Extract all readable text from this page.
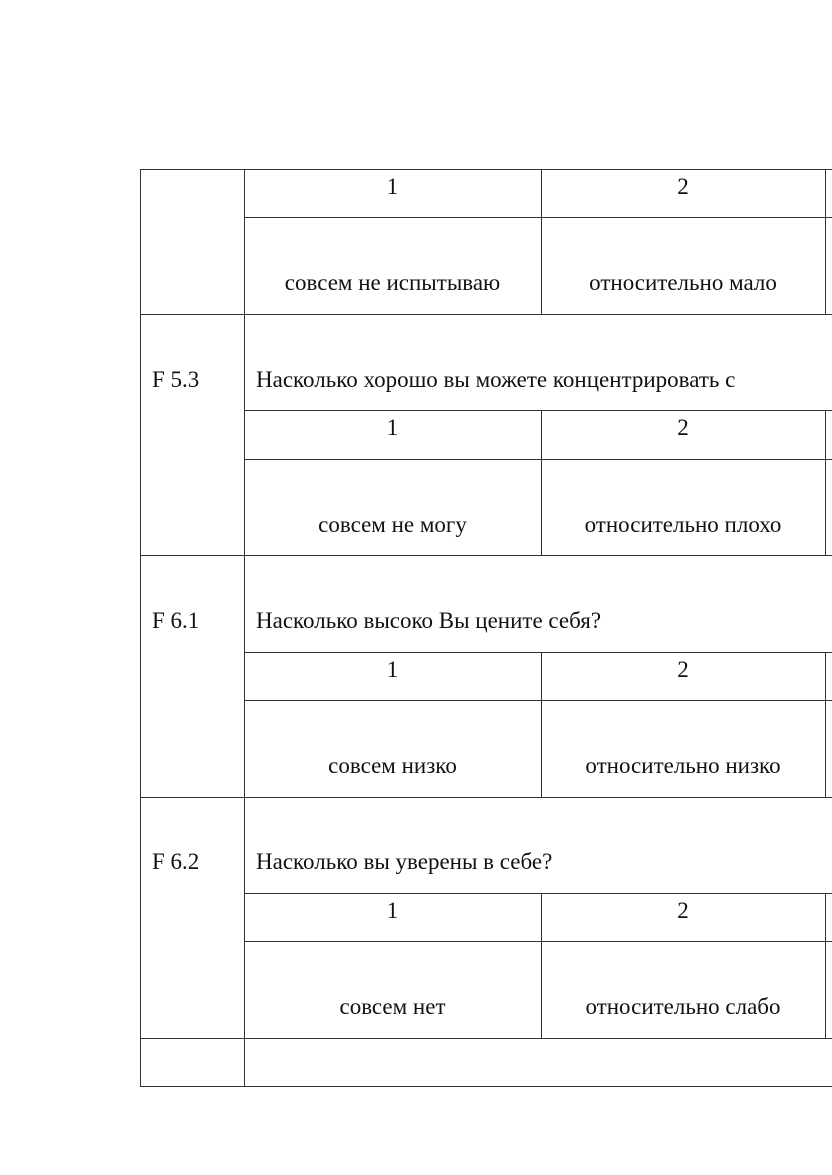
1	2
совсем не испытываю	относительно мало
F 5.3 Насколько хорошо вы можете концентрировать с
1	2
совсем не могу	относительно плохо
F 6.1 Насколько высоко Вы цените себя?
1	2
совсем низко	относительно низко
F 6.2 Насколько вы уверены в себе?
1	2
совсем нет	относительно слабо
